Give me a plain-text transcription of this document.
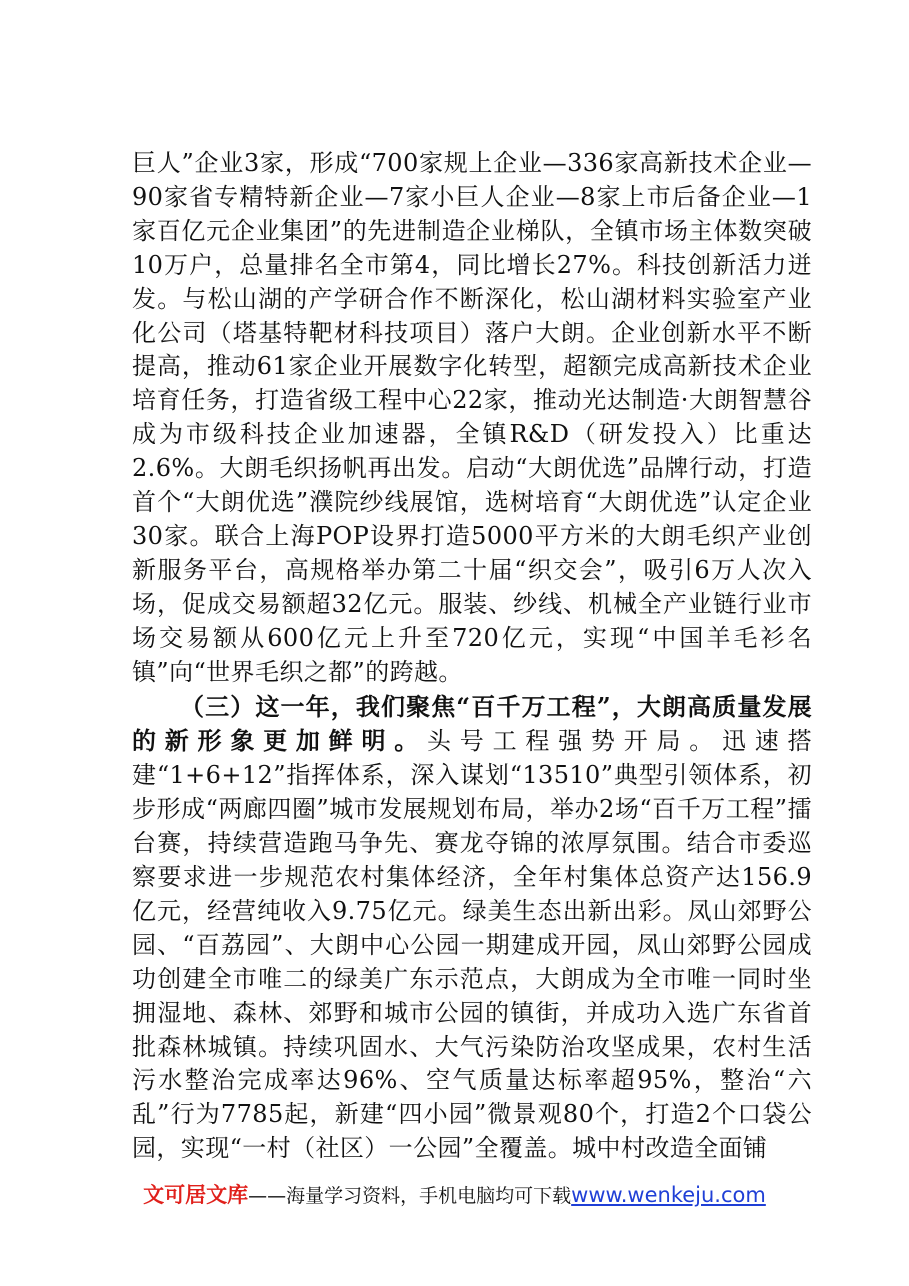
巨人”企业3家，形成“700家规上企业—336家高新技术企业—90家省专精特新企业—7家小巨人企业—8家上市后备企业—1家百亿元企业集团”的先进制造企业梯队，全镇市场主体数突破10万户，总量排名全市第4，同比增长27%。科技创新活力迸发。与松山湖的产学研合作不断深化，松山湖材料实验室产业化公司（塔基特靶材科技项目）落户大朗。企业创新水平不断提高，推动61家企业开展数字化转型，超额完成高新技术企业培育任务，打造省级工程中心22家，推动光达制造·大朗智慧谷成为市级科技企业加速器，全镇R&D（研发投入）比重达2.6%。大朗毛织扬帆再出发。启动“大朗优选”品牌行动，打造首个“大朗优选”濮院纱线展馆，选树培育“大朗优选”认定企业30家。联合上海POP设界打造5000平方米的大朗毛织产业创新服务平台，高规格举办第二十届“织交会”，吸引6万人次入场，促成交易额超32亿元。服装、纱线、机械全产业链行业市场交易额从600亿元上升至720亿元，实现“中国羊毛衫名镇”向“世界毛织之都”的跨越。

（三）这一年，我们聚焦“百千万工程”，大朗高质量发展的新形象更加鲜明。头号工程强势开局。迅速搭建“1+6+12”指挥体系，深入谋划“13510”典型引领体系，初步形成“两廊四圈”城市发展规划布局，举办2场“百千万工程”擂台赛，持续营造跑马争先、赛龙夺锦的浓厚氛围。结合市委巡察要求进一步规范农村集体经济，全年村集体总资产达156.9亿元，经营纯收入9.75亿元。绿美生态出新出彩。凤山郊野公园、“百荔园”、大朗中心公园一期建成开园，凤山郊野公园成功创建全市唯二的绿美广东示范点，大朗成为全市唯一同时坐拥湿地、森林、郊野和城市公园的镇街，并成功入选广东省首批森林城镇。持续巩固水、大气污染防治攻坚成果，农村生活污水整治完成率达96%、空气质量达标率超95%，整治“六乱”行为7785起，新建“四小园”微景观80个，打造2个口袋公园，实现“一村（社区）一公园”全覆盖。城中村改造全面铺

文可居文库——海量学习资料，手机电脑均可下载www.wenkeju.com
